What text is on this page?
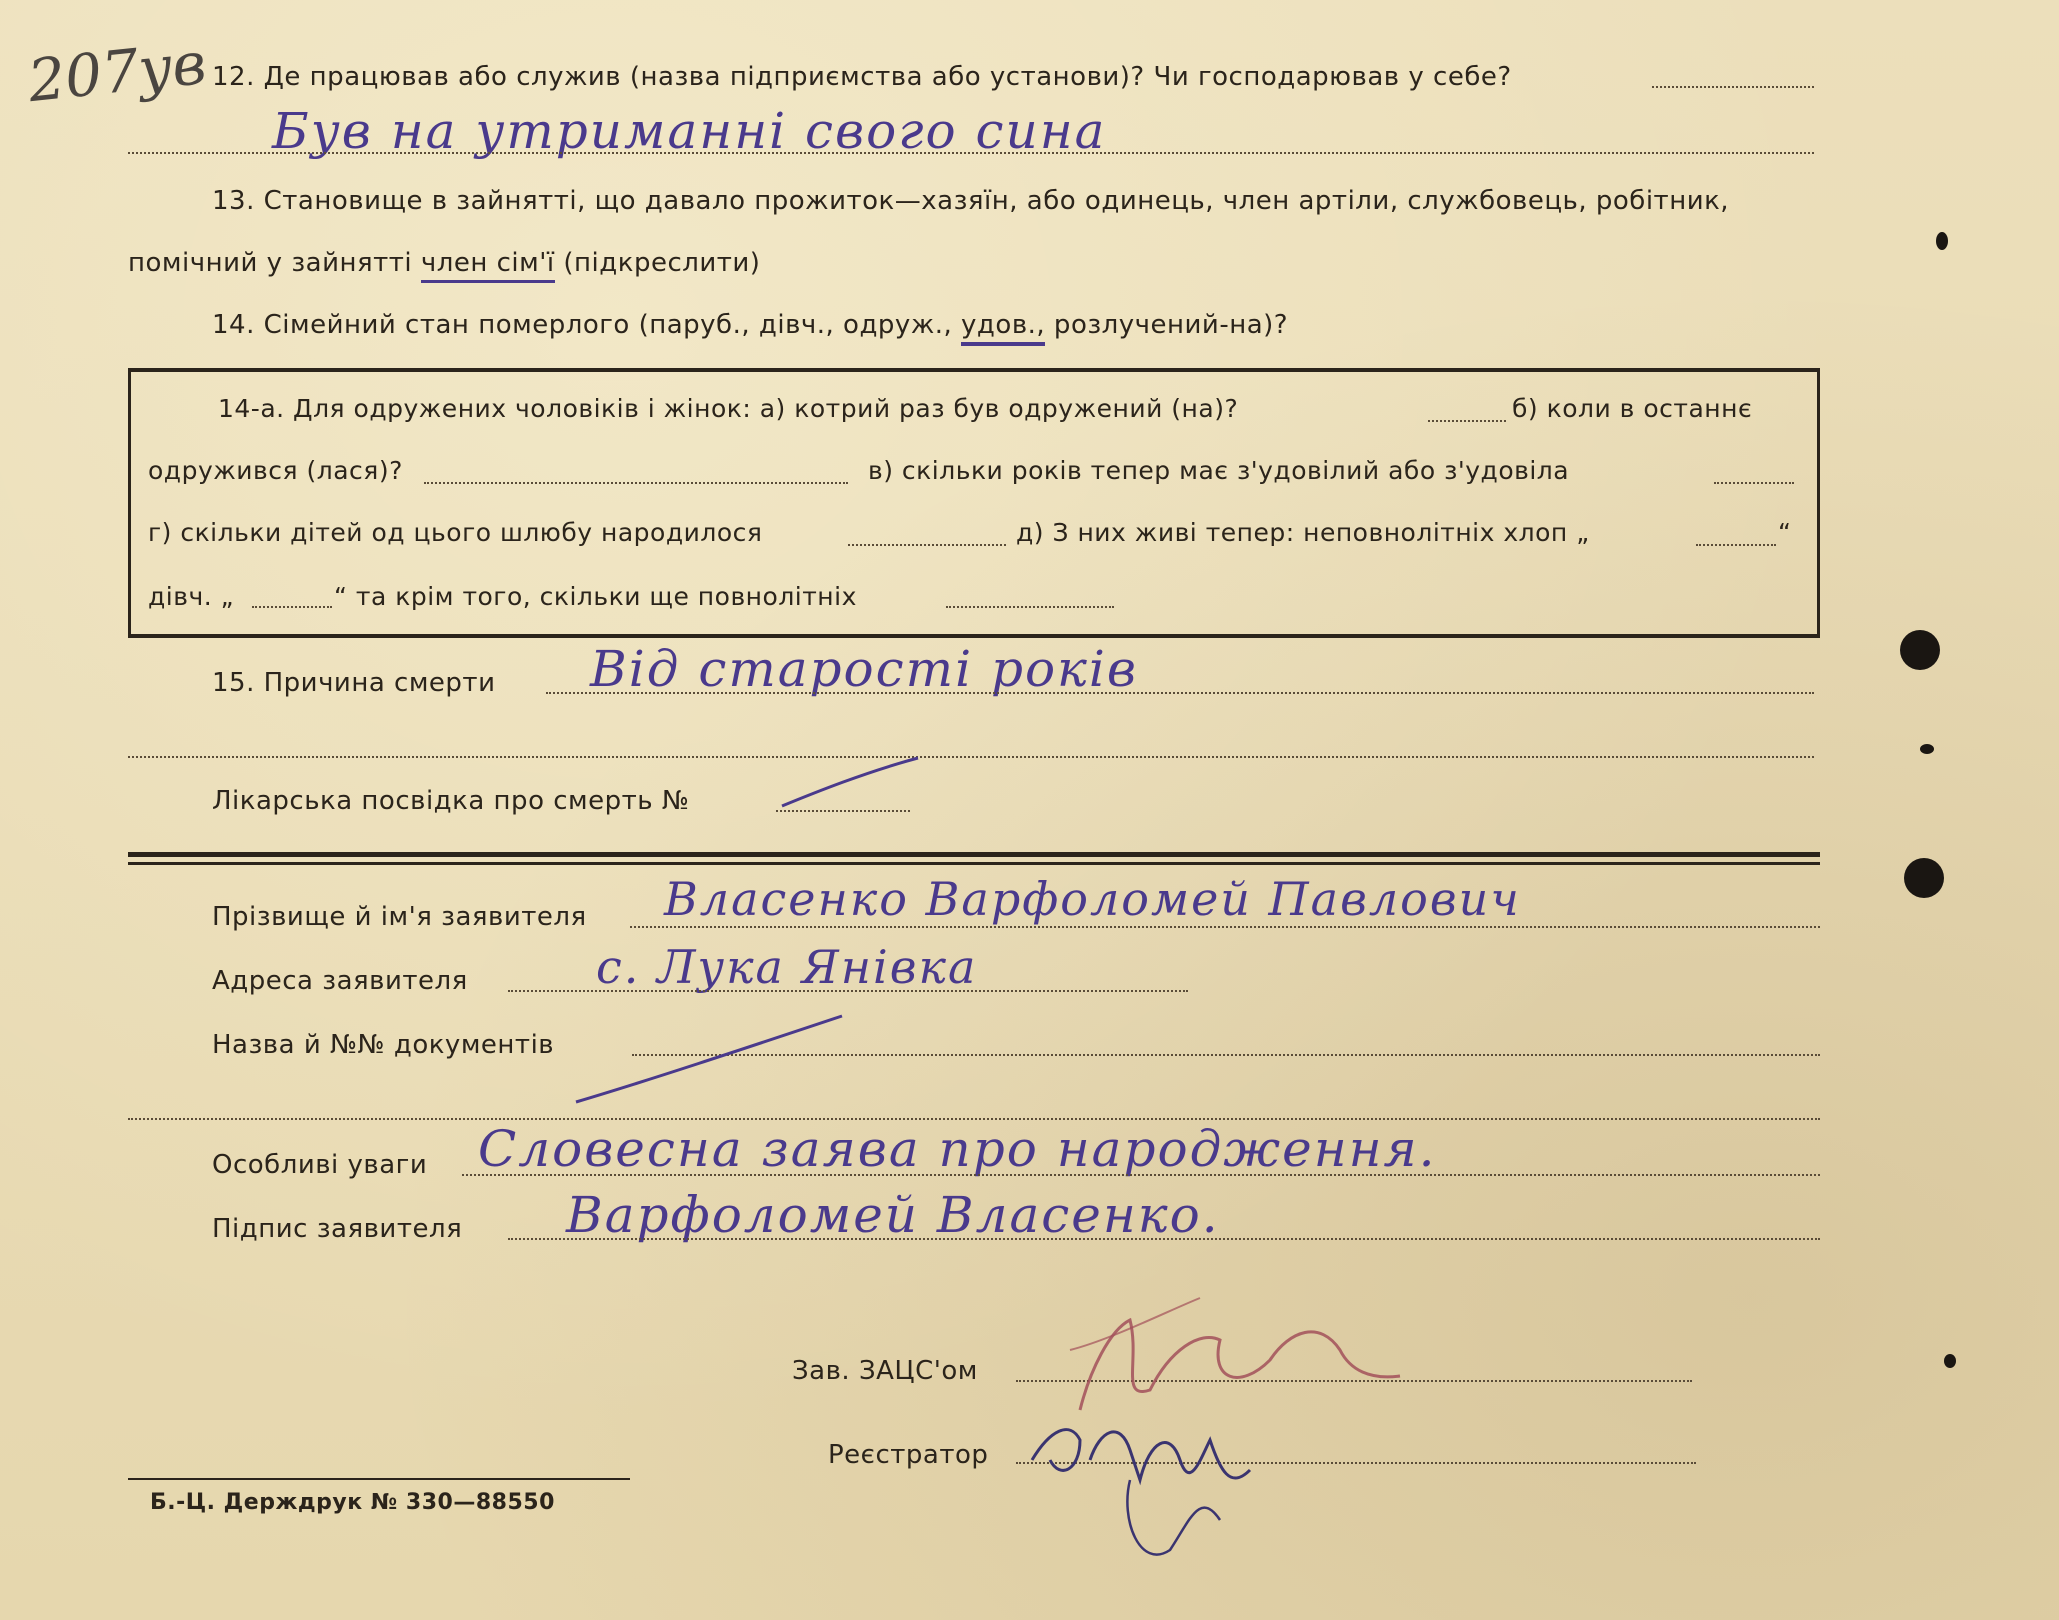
207ув 12. Де працював або служив (назва підприємства або установи)? Чи господарював у себе?
Був на утриманні свого сина
13. Становище в зайнятті, що давало прожиток—хазяїн, або одинець, член артіли, службовець, робітник,
помічний у зайнятті член сім'ї (підкреслити)
14. Сімейний стан померлого (паруб., дівч., одруж., удов., розлучений-на)?
14-а. Для одружених чоловіків і жінок: а) котрий раз був одружений (на)?	б) коли в останнє
одружився (лася)?	в) скільки років тепер має з'удовілий або з'удовіла
г) скільки дітей од цього шлюбу народилося	д) З них живі тепер: неповнолітніх хлоп „	“
дівч. „	“ та крім того, скільки ще повнолітніх
15. Причина смерти Від старості років
Лікарська посвідка про смерть №
Прізвище й ім'я заявителя Власенко Варфоломей Павлович
Адреса заявителя	с. Лука Янівка
Назва й №№ документів
Особливі уваги Словесна заява про народження.
Підпис заявителя Варфоломей Власенко.
Зав. ЗАЦС'ом
Реєстратор
Б.-Ц. Держдрук № 330—88550
